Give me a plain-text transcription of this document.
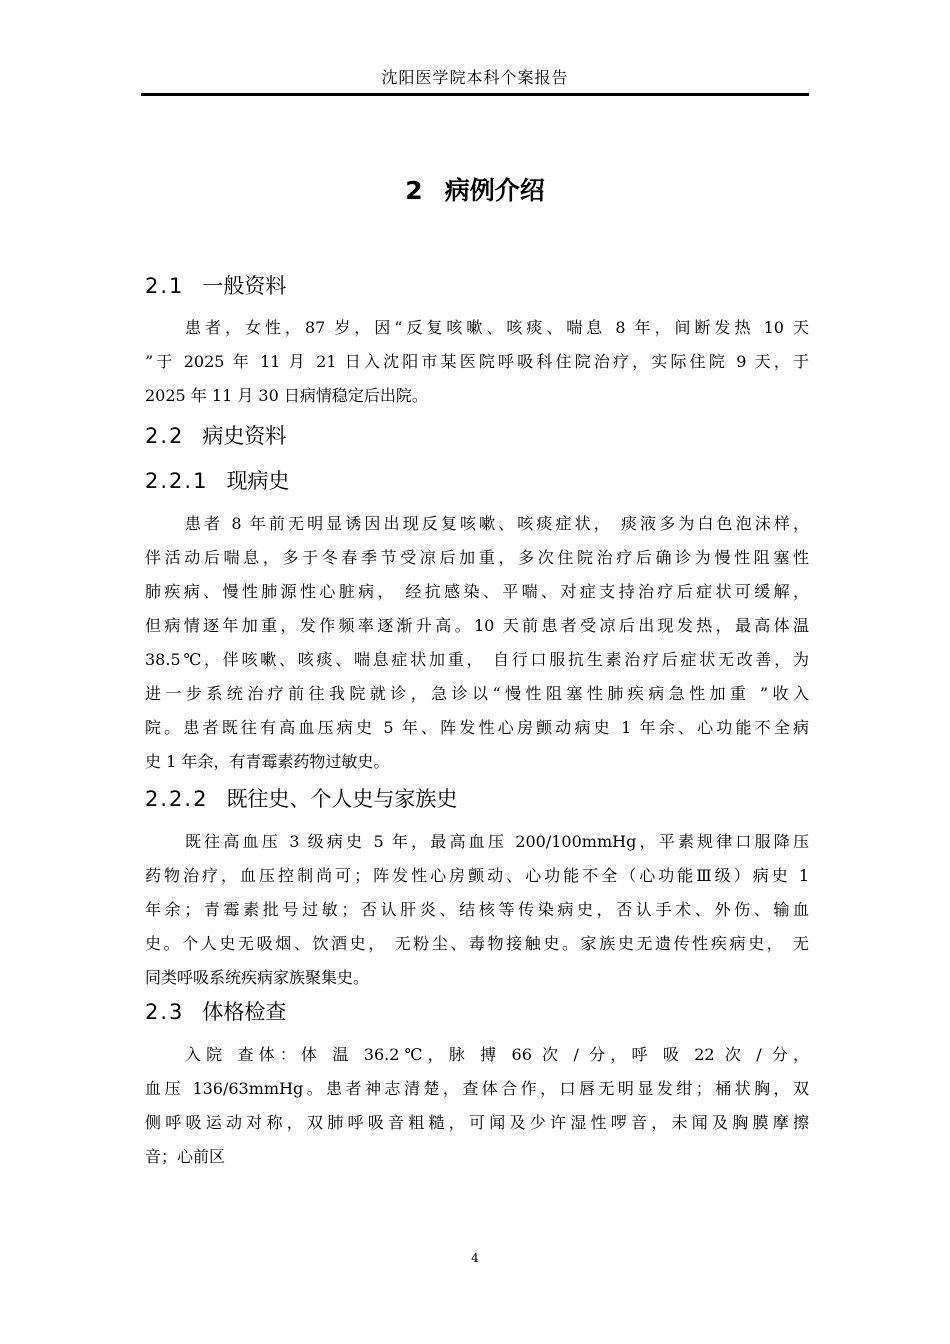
沈阳医学院本科个案报告
2 病例介绍
2.1 一般资料

患者，女性，87 岁，因“反复咳嗽、咳痰、喘息 8 年，间断发热 10 天
”于 2025 年 11 月 21 日入沈阳市某医院呼吸科住院治疗，实际住院 9 天，于
2025 年 11 月 30 日病情稳定后出院。

2.2 病史资料
2.2.1 现病史

患者 8 年前无明显诱因出现反复咳嗽、咳痰症状， 痰液多为白色泡沫样，
伴活动后喘息，多于冬春季节受凉后加重，多次住院治疗后确诊为慢性阻塞性
肺疾病、慢性肺源性心脏病， 经抗感染、平喘、对症支持治疗后症状可缓解，
但病情逐年加重，发作频率逐渐升高。10 天前患者受凉后出现发热，最高体温
38.5℃，伴咳嗽、咳痰、喘息症状加重， 自行口服抗生素治疗后症状无改善，为
进一步系统治疗前往我院就诊，急诊以“慢性阻塞性肺疾病急性加重 ”收入
院。患者既往有高血压病史 5 年、阵发性心房颤动病史 1 年余、心功能不全病
史 1 年余，有青霉素药物过敏史。

2.2.2 既往史、个人史与家族史

既往高血压 3 级病史 5 年，最高血压 200/100mmHg，平素规律口服降压
药物治疗，血压控制尚可；阵发性心房颤动、心功能不全（心功能Ⅲ级）病史 1
年余；青霉素批号过敏；否认肝炎、结核等传染病史，否认手术、外伤、输血
史。个人史无吸烟、饮酒史， 无粉尘、毒物接触史。家族史无遗传性疾病史， 无
同类呼吸系统疾病家族聚集史。

2.3 体格检查

入院 查体：体 温 36.2℃，脉 搏 66 次 / 分，呼 吸 22 次 / 分，
血压 136/63mmHg。患者神志清楚，查体合作，口唇无明显发绀；桶状胸，双
侧呼吸运动对称，双肺呼吸音粗糙，可闻及少许湿性啰音，未闻及胸膜摩擦
音；心前区

4
